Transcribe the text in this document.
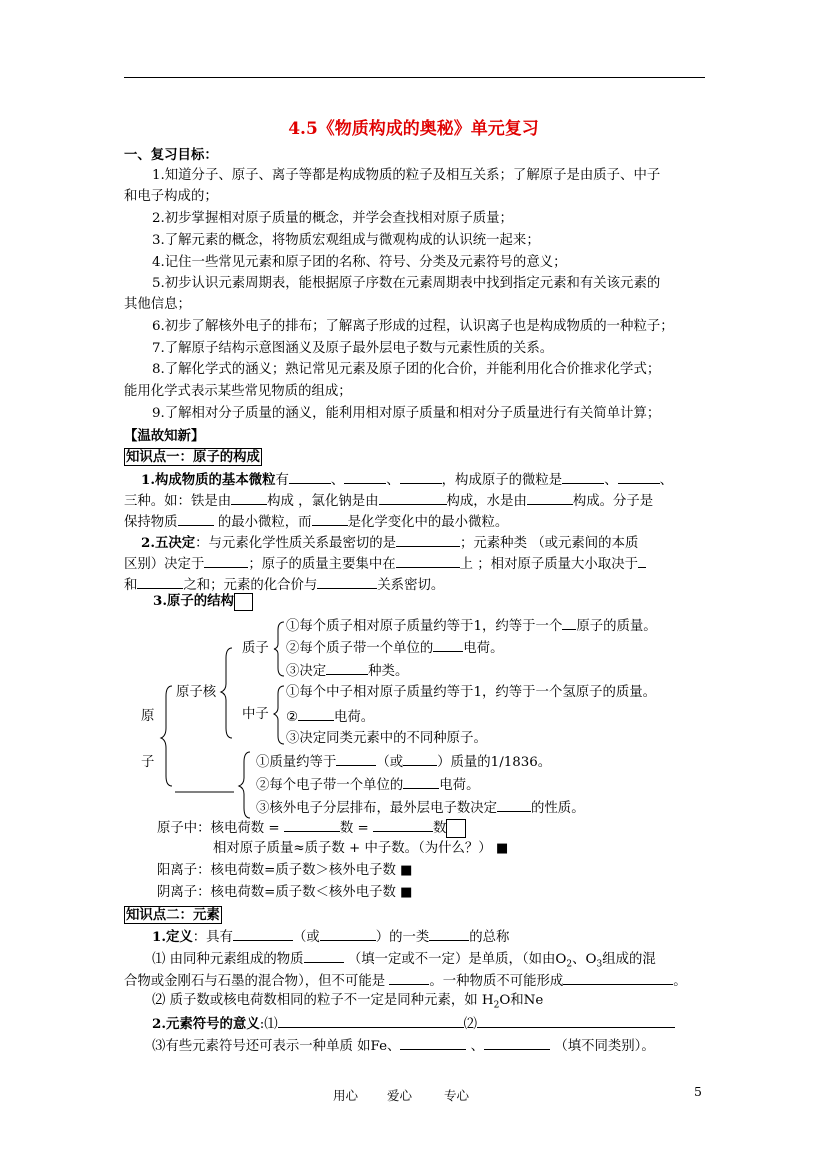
4.5《物质构成的奥秘》单元复习
一、复习目标：
1.知道分子、原子、离子等都是构成物质的粒子及相互关系；了解原子是由质子、中子
和电子构成的；
2.初步掌握相对原子质量的概念，并学会查找相对原子质量；
3.了解元素的概念，将物质宏观组成与微观构成的认识统一起来；
4.记住一些常见元素和原子团的名称、符号、分类及元素符号的意义；
5.初步认识元素周期表，能根据原子序数在元素周期表中找到指定元素和有关该元素的
其他信息；
6.初步了解核外电子的排布；了解离子形成的过程，认识离子也是构成物质的一种粒子；
7.了解原子结构示意图涵义及原子最外层电子数与元素性质的关系。
8.了解化学式的涵义；熟记常见元素及原子团的化合价，并能利用化合价推求化学式；
能用化学式表示某些常见物质的组成；
9.了解相对分子质量的涵义，能利用相对原子质量和相对分子质量进行有关简单计算；
【温故知新】
知识点一：原子的构成
1.构成物质的基本微粒有	、	、	，构成原子的微粒是	、	、
三种。如：铁是由	构成 ，氯化钠是由	构成，水是由	构成。分子是
保持物质	的最小微粒，而	是化学变化中的最小微粒。
2.五决定：与元素化学性质关系最密切的是	；元素种类 （或元素间的本质
区别）决定于	；原子的质量主要集中在	上 ；相对原子质量大小取决于
和	之和；元素的化合价与	关系密切。
3.原子的结构
原
子
原子核
质子
中子
①每个质子相对原子质量约等于1，约等于一个 原子的质量。
②每个质子带一个单位的 电荷。
③决定	种类。
①每个中子相对原子质量约等于1，约等于一个氢原子的质量。
②	电荷。
③决定同类元素中的不同种原子。
①质量约等于	（或	）质量的1/1836。
②每个电子带一个单位的	电荷。
③核外电子分层排布，最外层电子数决定	的性质。
原子中：核电荷数 =	数 =	数
相对原子质量≈质子数 + 中子数。（为什么？） ■
阳离子：核电荷数=质子数＞核外电子数 ■
阴离子：核电荷数=质子数＜核外电子数 ■
知识点二：元素
1.定义：具有	（或	）的一类	的总称
⑴ 由同种元素组成的物质	（填一定或不一定）是单质，（如由$O_2$、$O_3$组成的混
合物或金刚石与石墨的混合物），但不可能是	。一种物质不可能形成	。
⑵ 质子数或核电荷数相同的粒子不一定是同种元素，如 $H_2O$和Ne
2.元素符号的意义:⑴	⑵
⑶有些元素符号还可表示一种单质 如Fe、	、	（填不同类别）。
用心 爱心	专心	5
